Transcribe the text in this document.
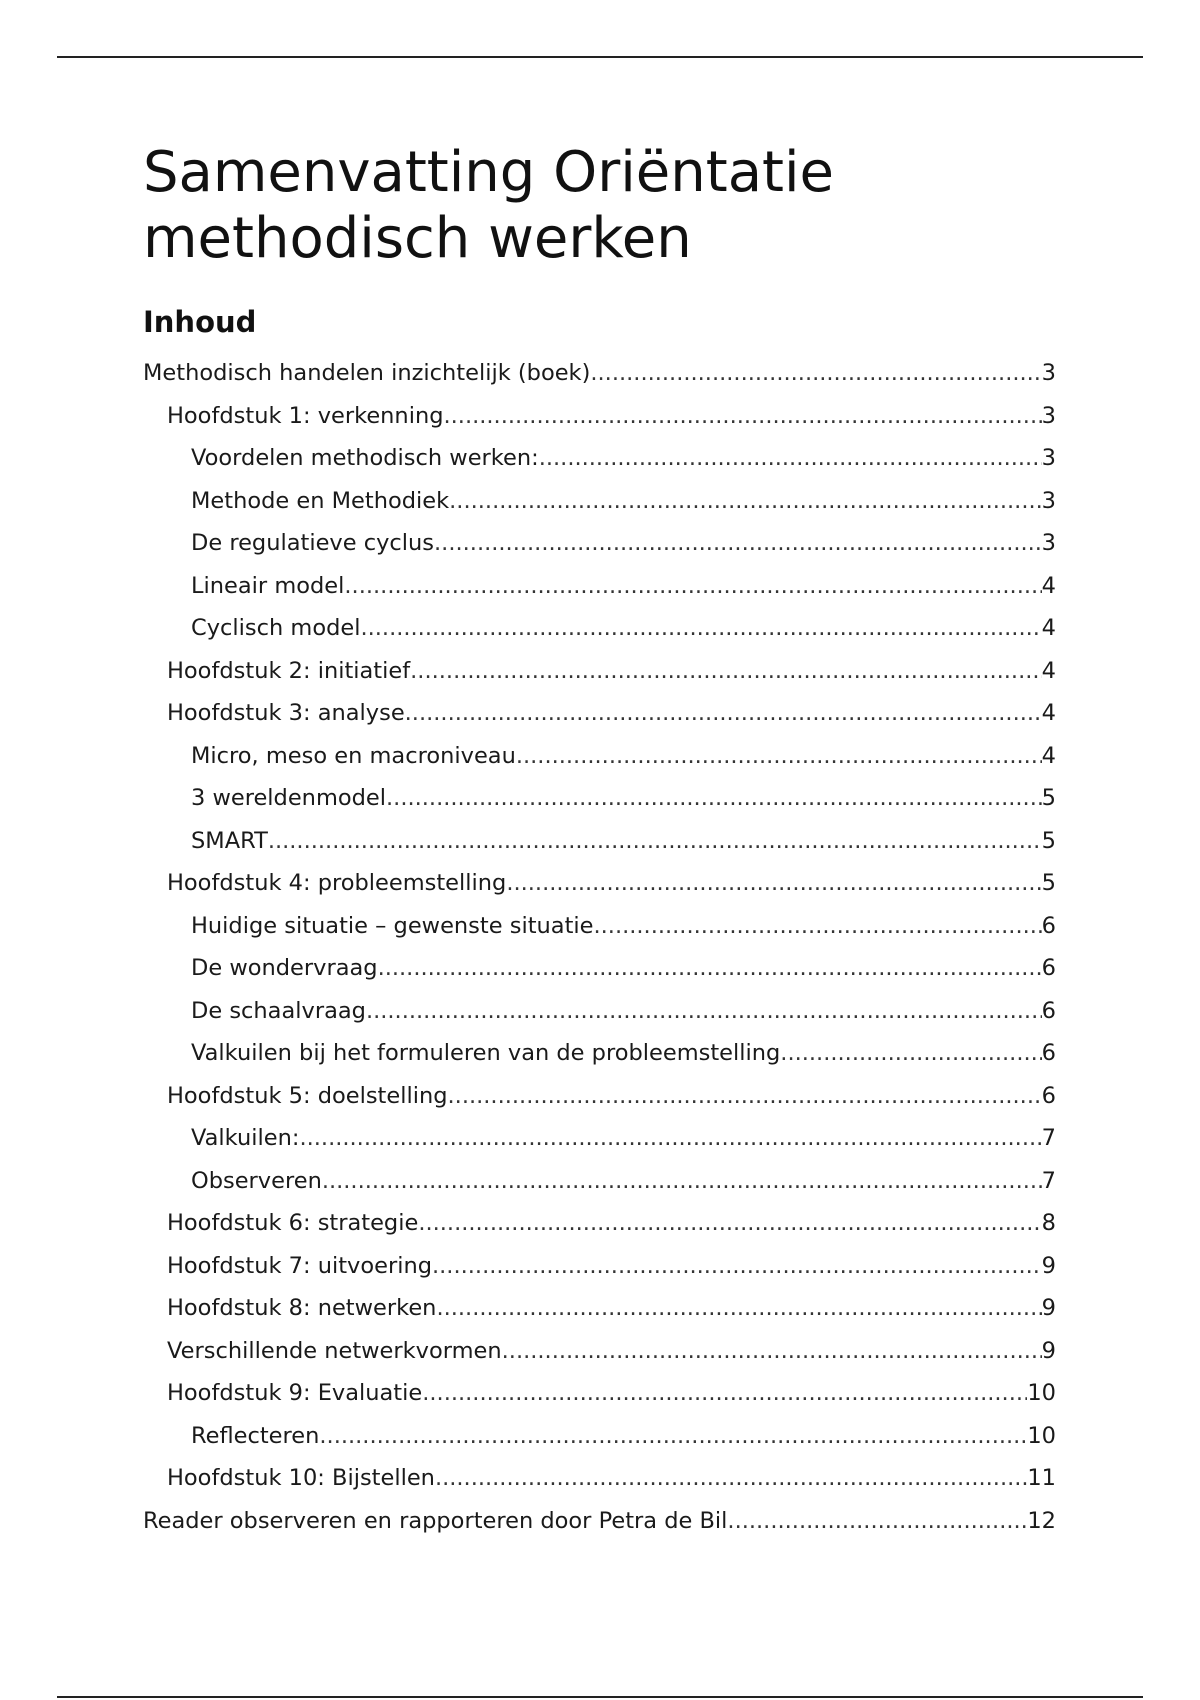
Samenvatting Oriëntatie methodisch werken
Inhoud
Methodisch handelen inzichtelijk (boek) .....	3
Hoofdstuk 1: verkenning .....	3
Voordelen methodisch werken: .....	3
Methode en Methodiek .....	3
De regulatieve cyclus .....	3
Lineair model .....	4
Cyclisch model .....	4
Hoofdstuk 2: initiatief .....	4
Hoofdstuk 3: analyse .....	4
Micro, meso en macroniveau .....	4
3 wereldenmodel .....	5
SMART .....	5
Hoofdstuk 4: probleemstelling .....	5
Huidige situatie – gewenste situatie .....	6
De wondervraag .....	6
De schaalvraag .....	6
Valkuilen bij het formuleren van de probleemstelling .....	6
Hoofdstuk 5: doelstelling .....	6
Valkuilen: .....	7
Observeren .....	7
Hoofdstuk 6: strategie .....	8
Hoofdstuk 7: uitvoering .....	9
Hoofdstuk 8: netwerken .....	9
Verschillende netwerkvormen .....	9
Hoofdstuk 9: Evaluatie .....	10
Reflecteren .....	10
Hoofdstuk 10: Bijstellen .....	11
Reader observeren en rapporteren door Petra de Bil .....	12
